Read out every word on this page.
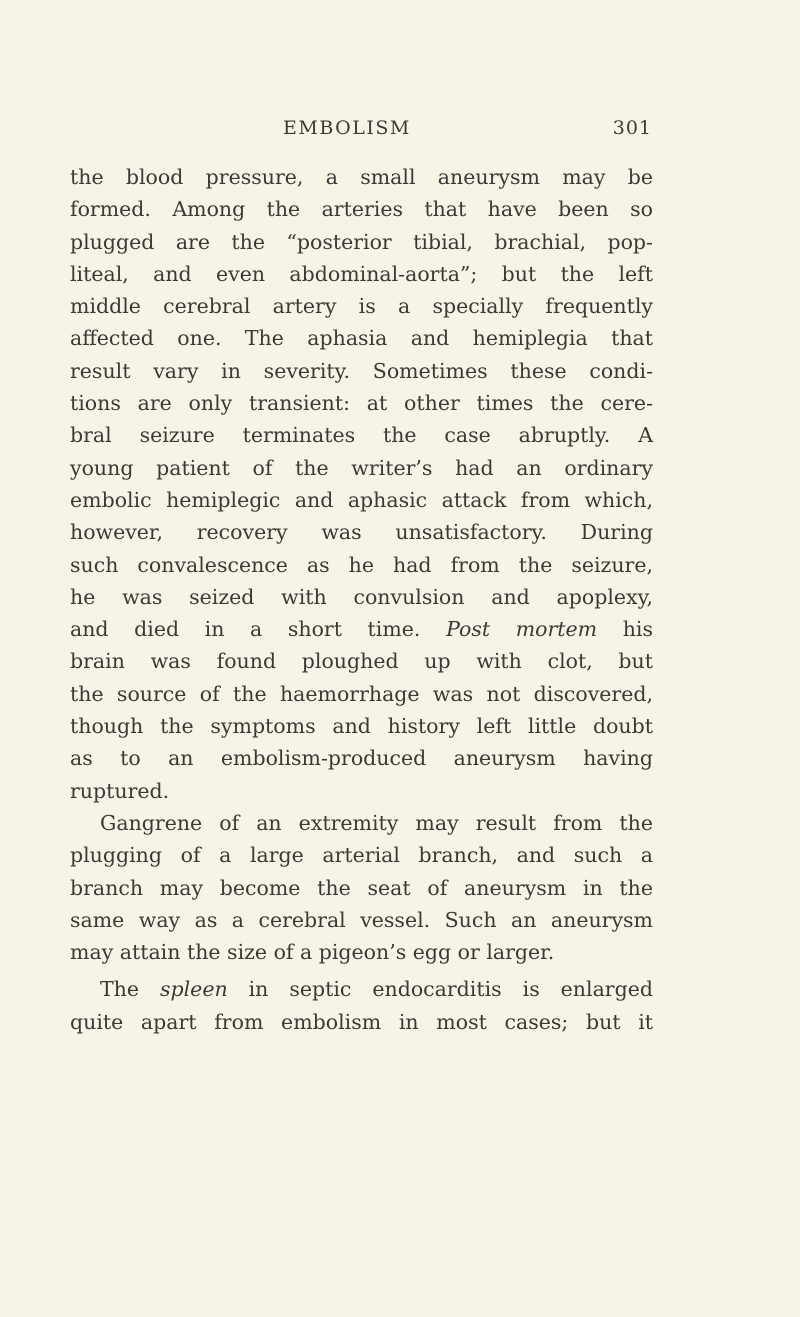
EMBOLISM	301
the blood pressure, a small aneurysm may be
formed. Among the arteries that have been so
plugged are the “posterior tibial, brachial, pop-
liteal, and even abdominal-aorta”; but the left
middle cerebral artery is a specially frequently
affected one. The aphasia and hemiplegia that
result vary in severity. Sometimes these condi-
tions are only transient: at other times the cere-
bral seizure terminates the case abruptly. A
young patient of the writer’s had an ordinary
embolic hemiplegic and aphasic attack from which,
however, recovery was unsatisfactory. During
such convalescence as he had from the seizure,
he was seized with convulsion and apoplexy,
and died in a short time. Post mortem his
brain was found ploughed up with clot, but
the source of the haemorrhage was not discovered,
though the symptoms and history left little doubt
as to an embolism-produced aneurysm having
ruptured.
Gangrene of an extremity may result from the
plugging of a large arterial branch, and such a
branch may become the seat of aneurysm in the
same way as a cerebral vessel. Such an aneurysm
may attain the size of a pigeon’s egg or larger.
The spleen in septic endocarditis is enlarged
quite apart from embolism in most cases; but it
